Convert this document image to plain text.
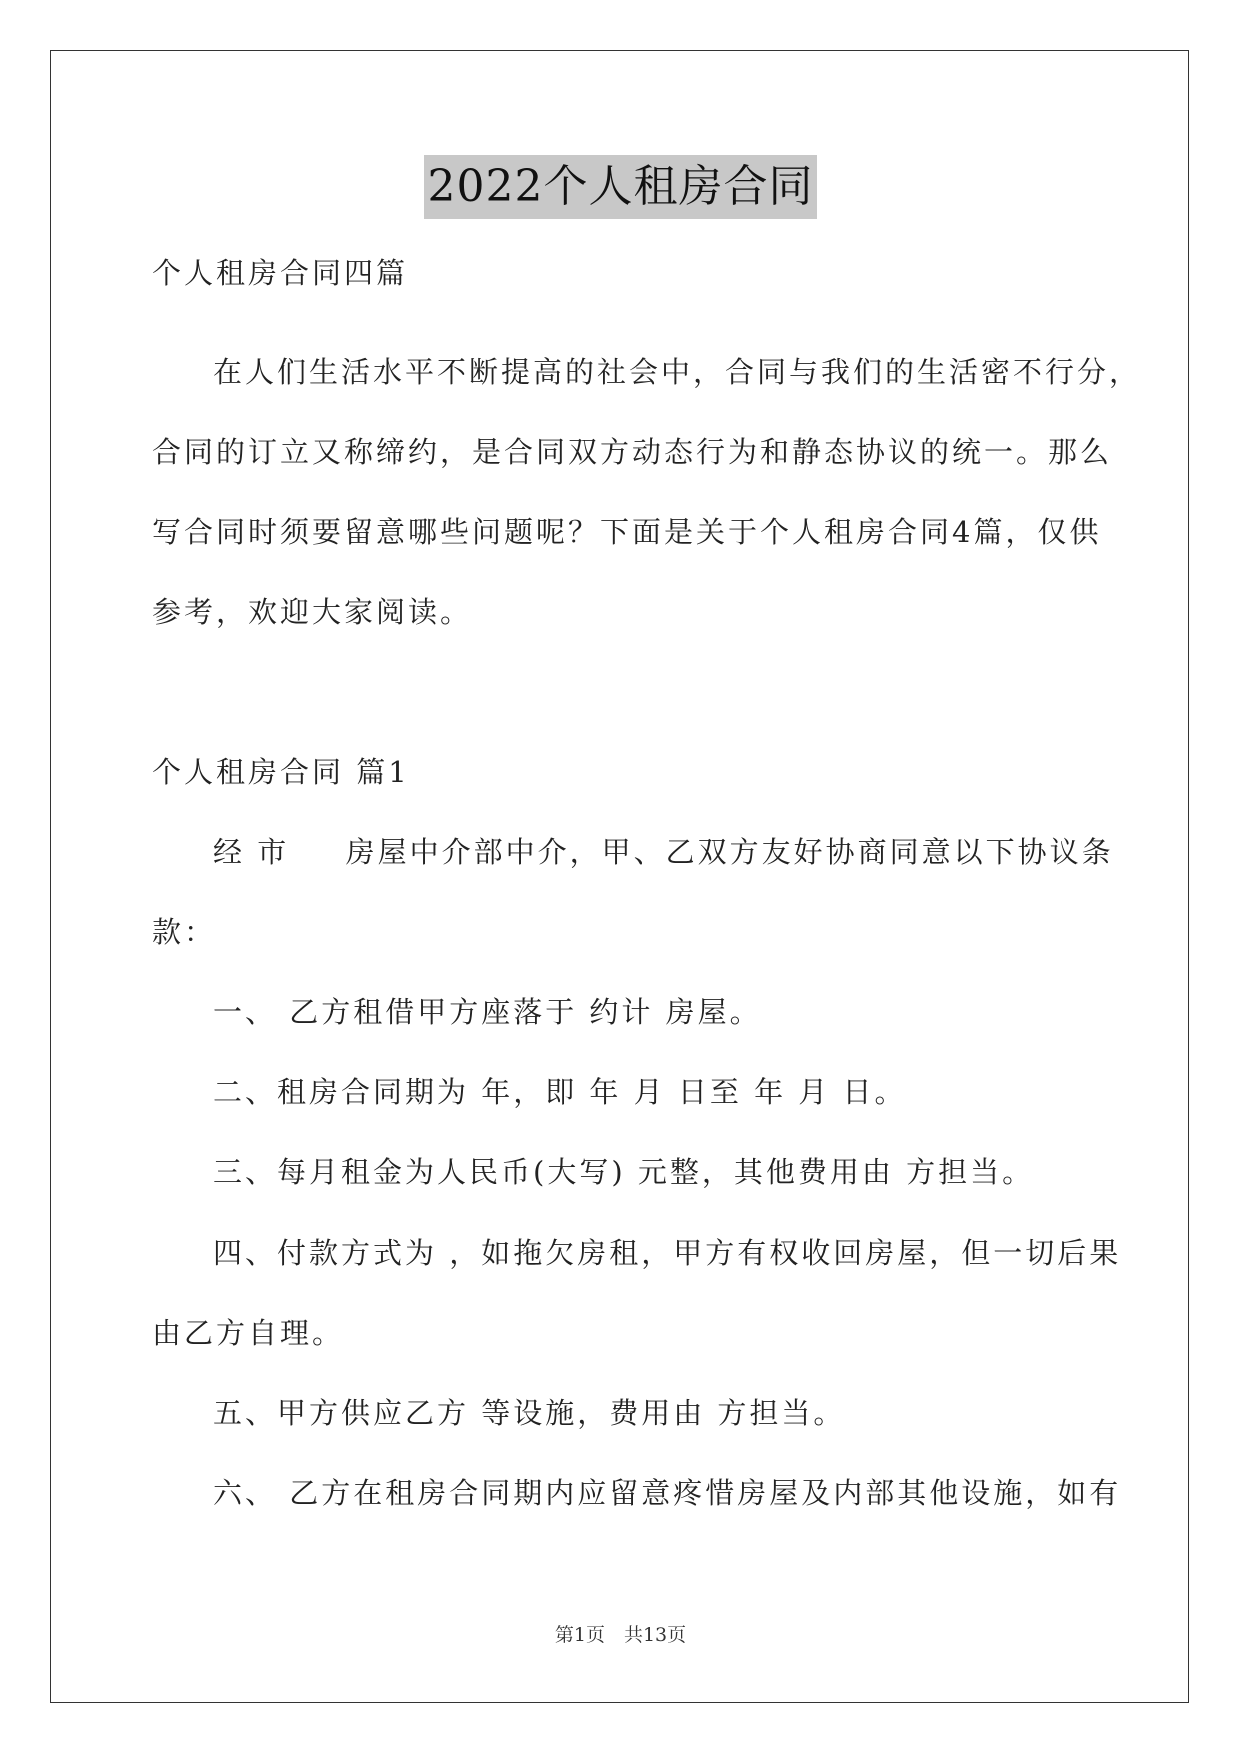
2022个人租房合同
个人租房合同四篇
在人们生活水平不断提高的社会中，合同与我们的生活密不行分，
合同的订立又称缔约，是合同双方动态行为和静态协议的统一。那么
写合同时须要留意哪些问题呢？下面是关于个人租房合同4篇，仅供
参考，欢迎大家阅读。
个人租房合同 篇1
经 市 　 房屋中介部中介，甲、乙双方友好协商同意以下协议条
款：
一、 乙方租借甲方座落于 约计 房屋。
二、租房合同期为 年，即 年 月 日至 年 月 日。
三、每月租金为人民币(大写) 元整，其他费用由 方担当。
四、付款方式为 ，如拖欠房租，甲方有权收回房屋，但一切后果
由乙方自理。
五、甲方供应乙方 等设施，费用由 方担当。
六、 乙方在租房合同期内应留意疼惜房屋及内部其他设施，如有
第1页　共13页
